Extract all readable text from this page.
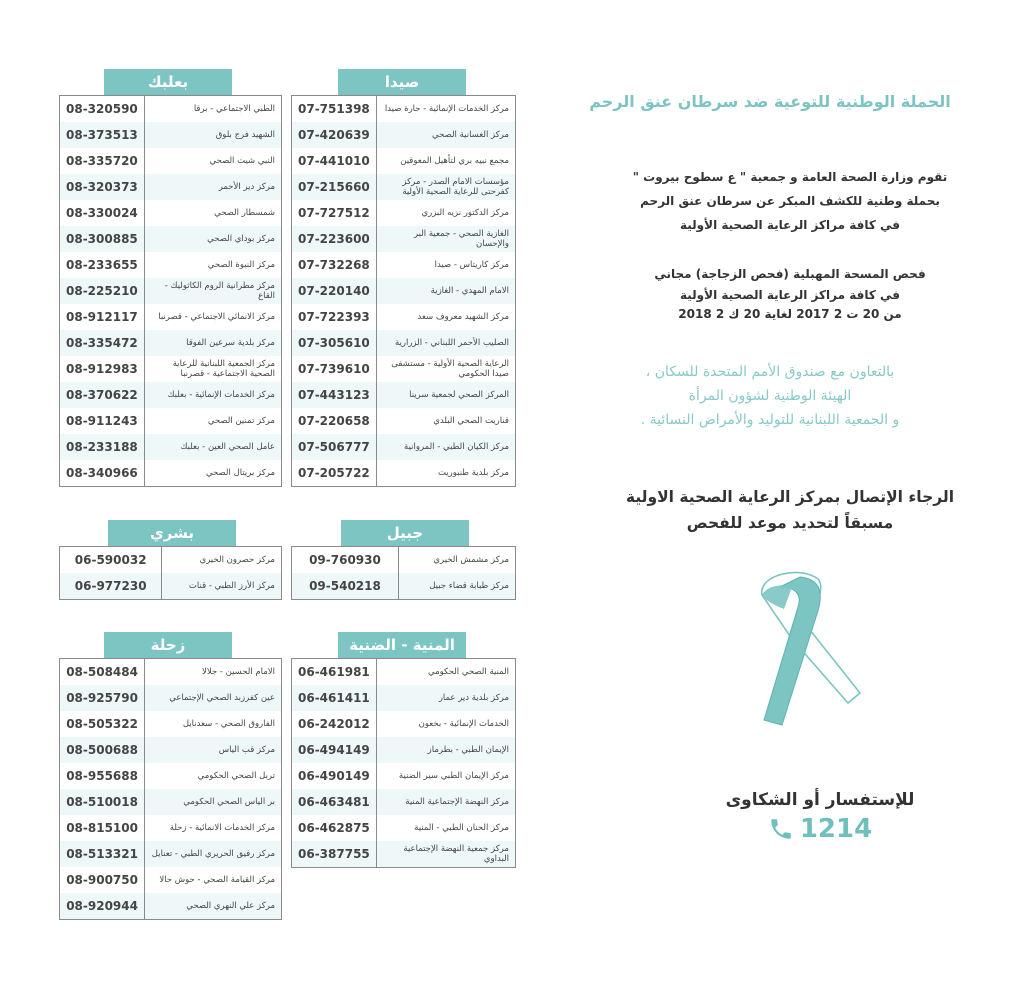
صيدا
07-751398	مركز الخدمات الإنمائية - حارة صيدا
07-420639	مركز الغسانية الصحي
07-441010	مجمع نبيه بري لتأهيل المعوقين
07-215660	مؤسسات الامام الصدر - مركز كفرحتى للرعاية الصحية الأولية
07-727512	مركز الدكتور نزيه البزري
07-223600	الغازية الصحي - جمعية البر والإحسان
07-732268	مركز كاريتاس - صيدا
07-220140	الامام المهدي - الغازية
07-722393	مركز الشهيد معروف سعد
07-305610	الصليب الأحمر اللبناني - الزرارية
07-739610	الرعاية الصحية الأولية - مستشفى صيدا الحكومي
07-443123	المركز الصحي لجمعية سرينا
07-220658	قناريت الصحي البلدي
07-506777	مركز الكيان الطبي - المروانية
07-205722	مركز بلدية طنبوريت
بعلبك
08-320590	الطبي الاجتماعي - برقا
08-373513	الشهيد فرج بلوق
08-335720	النبي شيت الصحي
08-320373	مركز دير الأحمر
08-330024	شمسطار الصحي
08-300885	مركز بوداي الصحي
08-233655	مركز النبوة الصحي
08-225210	مركز مطرانية الروم الكاثوليك - القاع
08-912117	مركز الانمائي الاجتماعي - قصرنبا
08-335472	مركز بلدية سرعين الفوقا
08-912983	مركز الجمعية اللبنانية للرعاية الصحية الاجتماعية - قصرنبا
08-370622	مركز الخدمات الإنمائية - بعلبك
08-911243	مركز تمنين الصحي
08-233188	عامل الصحي العين - بعلبك
08-340966	مركز بريتال الصحي
جبيل
09-760930	مركز مشمش الخيري
09-540218	مركز طبابة قضاء جبيل
بشري
06-590032	مركز حصرون الخيري
06-977230	مركز الأرز الطبي - قنات
المنية - الضنية
06-461981	المنية الصحي الحكومي
06-461411	مركز بلدية دير عمار
06-242012	الخدمات الإنمائية - بخعون
06-494149	الإيمان الطبي - بطرماز
06-490149	مركز الإيمان الطبي سير الضنية
06-463481	مركز النهضة الإجتماعية المنية
06-462875	مركز الحنان الطبي - المنية
06-387755	مركز جمعية النهضة الإجتماعية البداوي
زحلة
08-508484	الامام الحسين - جلالا
08-925790	عين كفرزبد الصحي الإجتماعي
08-505322	الفاروق الصحي - سعدنايل
08-500688	مركز قب الياس
08-955688	تربل الصحي الحكومي
08-510018	بر الياس الصحي الحكومي
08-815100	مركز الخدمات الانمائية - زحلة
08-513321	مركز رفيق الحريري الطبي - تعنايل
08-900750	مركز القيامة الصحي - حوش حالا
08-920944	مركز علي النهري الصحي
الحملة الوطنية للتوعية ضد سرطان عنق الرحم
تقوم وزارة الصحة العامة و جمعية " ع سطوح بيروت "
بحملة وطنية للكشف المبكر عن سرطان عنق الرحم
في كافة مراكز الرعاية الصحية الأولية
فحص المسحة المهبلية (فحص الزجاجة) مجاني
في كافة مراكز الرعاية الصحية الأولية
من 20 ت 2 2017 لغاية 20 ك 2 2018
بالتعاون مع صندوق الأمم المتحدة للسكان ،
الهيئة الوطنية لشؤون المرأة
و الجمعية اللبنانية للتوليد والأمراض النسائية .
الرجاء الإتصال بمركز الرعاية الصحية الاولية
مسبقاً لتحديد موعد للفحص
للإستفسار أو الشكاوى
1214
